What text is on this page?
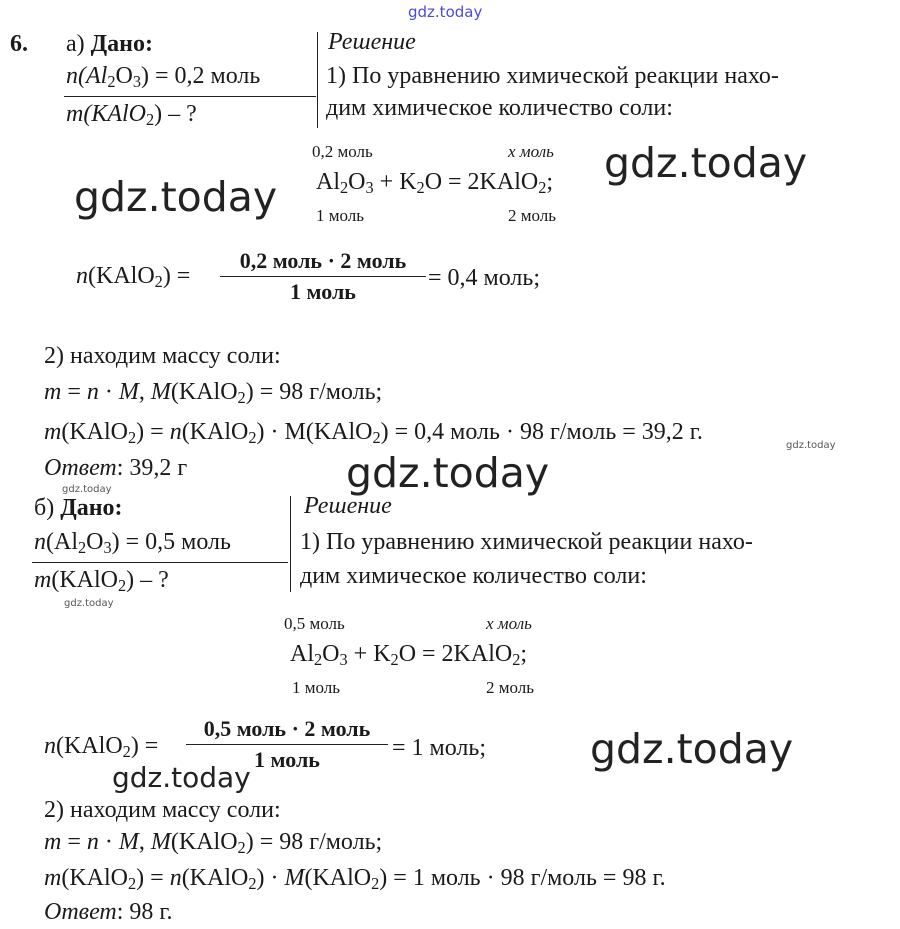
gdz.today
6. а) Дано:
$n(Al_2O_3) = 0,2$ моль
m(KAlO$_2$) – ?
Решение
1) По уравнению химической реакции нахо-
дим химическое количество соли:
0,2 моль	x моль
$Al_2O_3 + K_2O$ = 2KAlO$_2$;
1 моль	2 моль
gdz.today
gdz.today
n(KAlO$_2$) =
0,2 моль · 2 моль
1 моль
= 0,4 моль;
2) находим массу соли:
m = n · M, M(KAlO$_2$) = 98 г/моль;
m(KAlO$_2$) = n(KAlO$_2$) · M(KAlO$_2$) = 0,4 моль · 98 г/моль = 39,2 г.
gdz.today
Ответ: 39,2 г	gdz.today
gdz.today
б) Дано:
$n(Al_2O_3) = 0,5$ моль
m(KAlO$_2$) – ?
gdz.today
Решение
1) По уравнению химической реакции нахо-
дим химическое количество соли:
0,5 моль	x моль
$Al_2O_3 + K_2O$ = 2KAlO$_2$;
1 моль	2 моль
n(KAlO$_2$) =
0,5 моль · 2 моль
1 моль	= 1 моль;	gdz.today
gdz.today
2) находим массу соли:
m = n · M, M(KAlO$_2$) = 98 г/моль;
m(KAlO$_2$) = n(KAlO$_2$) · M(KAlO$_2$) = 1 моль · 98 г/моль = 98 г.
Ответ: 98 г.
